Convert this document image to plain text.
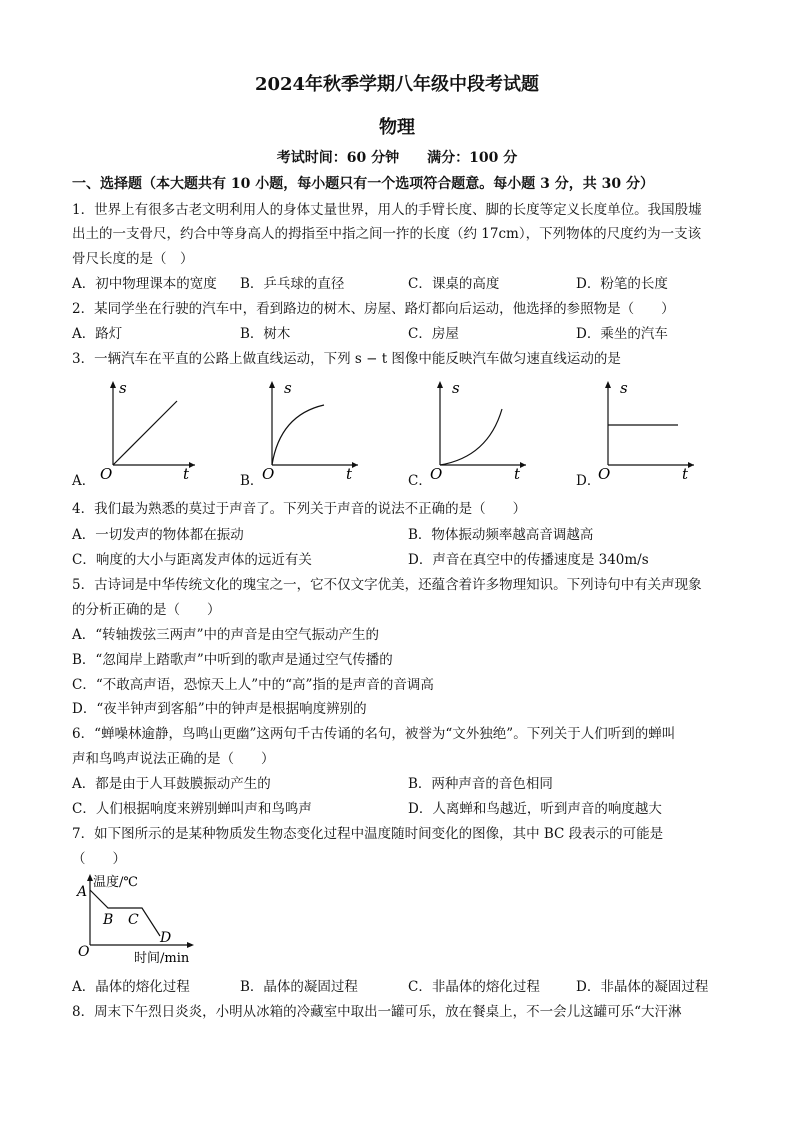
2024年秋季学期八年级中段考试题
物理
考试时间：60 分钟　　满分：100 分
一、选择题（本大题共有 10 小题，每小题只有一个选项符合题意。每小题 3 分，共 30 分）
1．世界上有很多古老文明利用人的身体丈量世界，用人的手臂长度、脚的长度等定义长度单位。我国殷墟
出土的一支骨尺，约合中等身高人的拇指至中指之间一拃的长度（约 17cm），下列物体的尺度约为一支该
骨尺长度的是（　）
A．初中物理课本的宽度 B．乒乓球的直径	C．课桌的高度	D．粉笔的长度
2．某同学坐在行驶的汽车中，看到路边的树木、房屋、路灯都向后运动，他选择的参照物是（　　）
A．路灯	B．树木	C．房屋	D．乘坐的汽车
3．一辆汽车在平直的公路上做直线运动，下列 s − t 图像中能反映汽车做匀速直线运动的是
A．
s
t
O	B．
s
t
O	C．
s
t
O	D．
s
t
O
4．我们最为熟悉的莫过于声音了。下列关于声音的说法不正确的是（　　）
A．一切发声的物体都在振动	B．物体振动频率越高音调越高
C．响度的大小与距离发声体的远近有关	D．声音在真空中的传播速度是 340m/s
5．古诗词是中华传统文化的瑰宝之一，它不仅文字优美，还蕴含着许多物理知识。下列诗句中有关声现象
的分析正确的是（　　）
A．“转轴拨弦三两声”中的声音是由空气振动产生的
B．“忽闻岸上踏歌声”中听到的歌声是通过空气传播的
C．“不敢高声语，恐惊天上人”中的“高”指的是声音的音调高
D．“夜半钟声到客船”中的钟声是根据响度辨别的
6．“蝉噪林逾静，鸟鸣山更幽”这两句千古传诵的名句，被誉为“文外独绝”。下列关于人们听到的蝉叫
声和鸟鸣声说法正确的是（　　）
A．都是由于人耳鼓膜振动产生的	B．两种声音的音色相同
C．人们根据响度来辨别蝉叫声和鸟鸣声	D．人离蝉和鸟越近，听到声音的响度越大
7．如下图所示的是某种物质发生物态变化过程中温度随时间变化的图像，其中 BC 段表示的可能是
（　　）
温度/℃
时间/min
O
A
B C
D
A．晶体的熔化过程	B．晶体的凝固过程	C．非晶体的熔化过程	D．非晶体的凝固过程
8．周末下午烈日炎炎，小明从冰箱的冷藏室中取出一罐可乐，放在餐桌上，不一会儿这罐可乐“大汗淋
